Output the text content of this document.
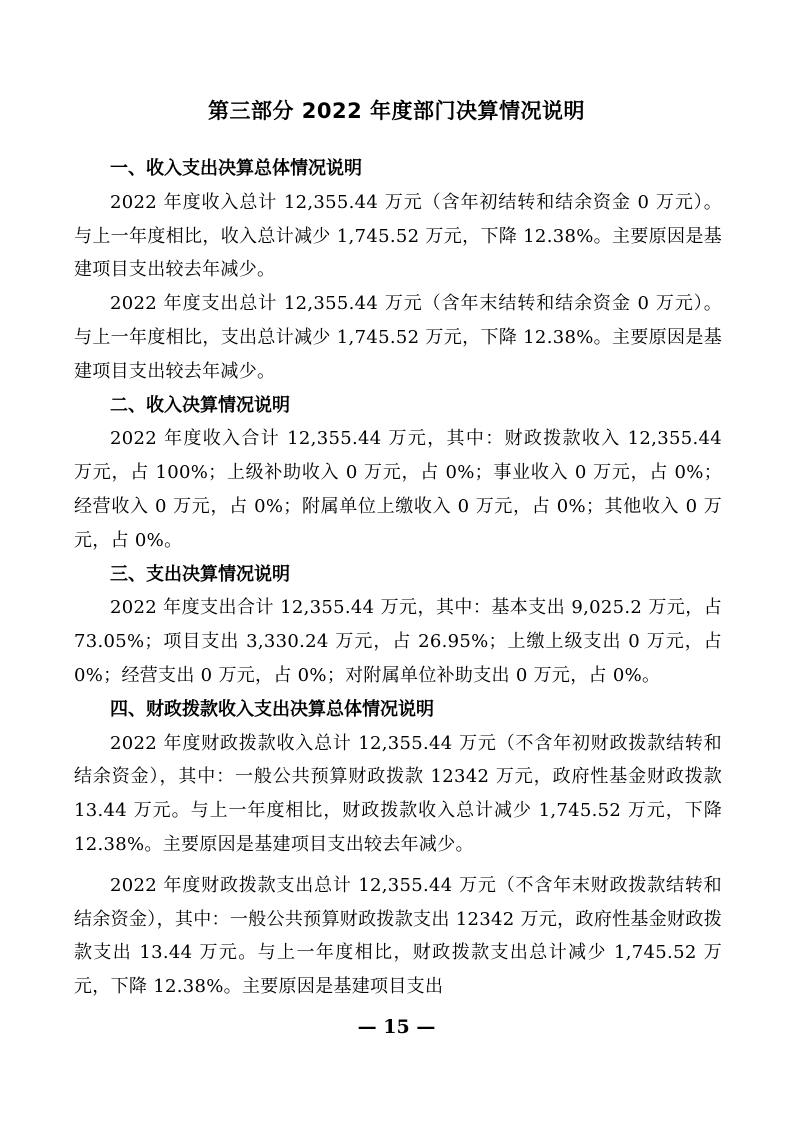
第三部分 2022 年度部门决算情况说明
一、收入支出决算总体情况说明

2022 年度收入总计 12,355.44 万元（含年初结转和结余资金 0 万元）。与上一年度相比，收入总计减少 1,745.52 万元，下降 12.38%。主要原因是基建项目支出较去年减少。

2022 年度支出总计 12,355.44 万元（含年末结转和结余资金 0 万元）。与上一年度相比，支出总计减少 1,745.52 万元，下降 12.38%。主要原因是基建项目支出较去年减少。

二、收入决算情况说明

2022 年度收入合计 12,355.44 万元，其中：财政拨款收入 12,355.44 万元，占 100%；上级补助收入 0 万元，占 0%；事业收入 0 万元，占 0%；经营收入 0 万元，占 0%；附属单位上缴收入 0 万元，占 0%；其他收入 0 万元，占 0%。

三、支出决算情况说明

2022 年度支出合计 12,355.44 万元，其中：基本支出 9,025.2 万元，占 73.05%；项目支出 3,330.24 万元，占 26.95%；上缴上级支出 0 万元，占 0%；经营支出 0 万元，占 0%；对附属单位补助支出 0 万元，占 0%。

四、财政拨款收入支出决算总体情况说明

2022 年度财政拨款收入总计 12,355.44 万元（不含年初财政拨款结转和结余资金），其中：一般公共预算财政拨款 12342 万元，政府性基金财政拨款 13.44 万元。与上一年度相比，财政拨款收入总计减少 1,745.52 万元，下降 12.38%。主要原因是基建项目支出较去年减少。

2022 年度财政拨款支出总计 12,355.44 万元（不含年末财政拨款结转和结余资金），其中：一般公共预算财政拨款支出 12342 万元，政府性基金财政拨款支出 13.44 万元。与上一年度相比，财政拨款支出总计减少 1,745.52 万元，下降 12.38%。主要原因是基建项目支出

— 15 —
